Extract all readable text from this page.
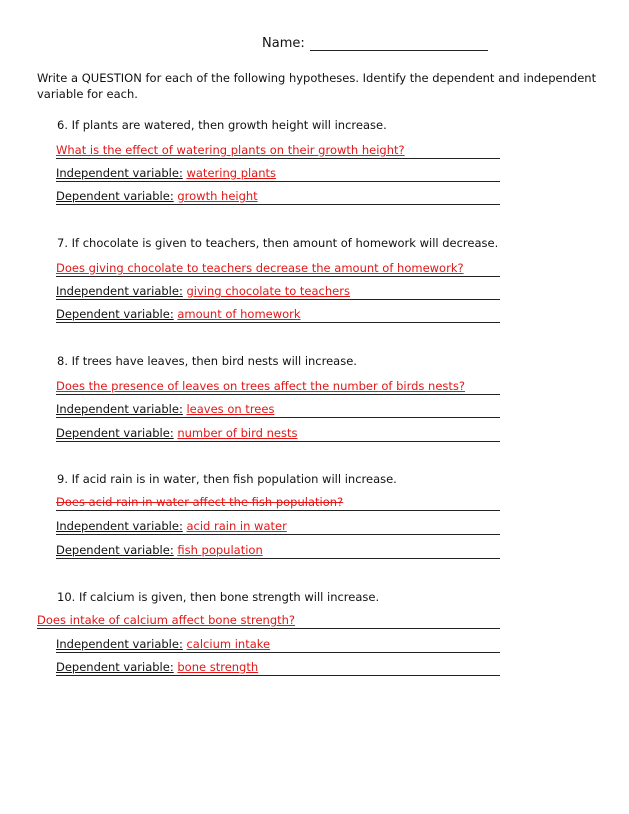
Name:
Write a QUESTION for each of the following hypotheses. Identify the dependent and independent variable for each.
6. If plants are watered, then growth height will increase.
What is the effect of watering plants on their growth height?
Independent variable: watering plants
Dependent variable: growth height
7. If chocolate is given to teachers, then amount of homework will decrease.
Does giving chocolate to teachers decrease the amount of homework?
Independent variable: giving chocolate to teachers
Dependent variable: amount of homework
8. If trees have leaves, then bird nests will increase.
Does the presence of leaves on trees affect the number of birds nests?
Independent variable: leaves on trees
Dependent variable: number of bird nests
9. If acid rain is in water, then fish population will increase.
Does acid rain in water affect the fish population?
Independent variable: acid rain in water
Dependent variable: fish population
10. If calcium is given, then bone strength will increase.
Does intake of calcium affect bone strength?
Independent variable: calcium intake
Dependent variable: bone strength
